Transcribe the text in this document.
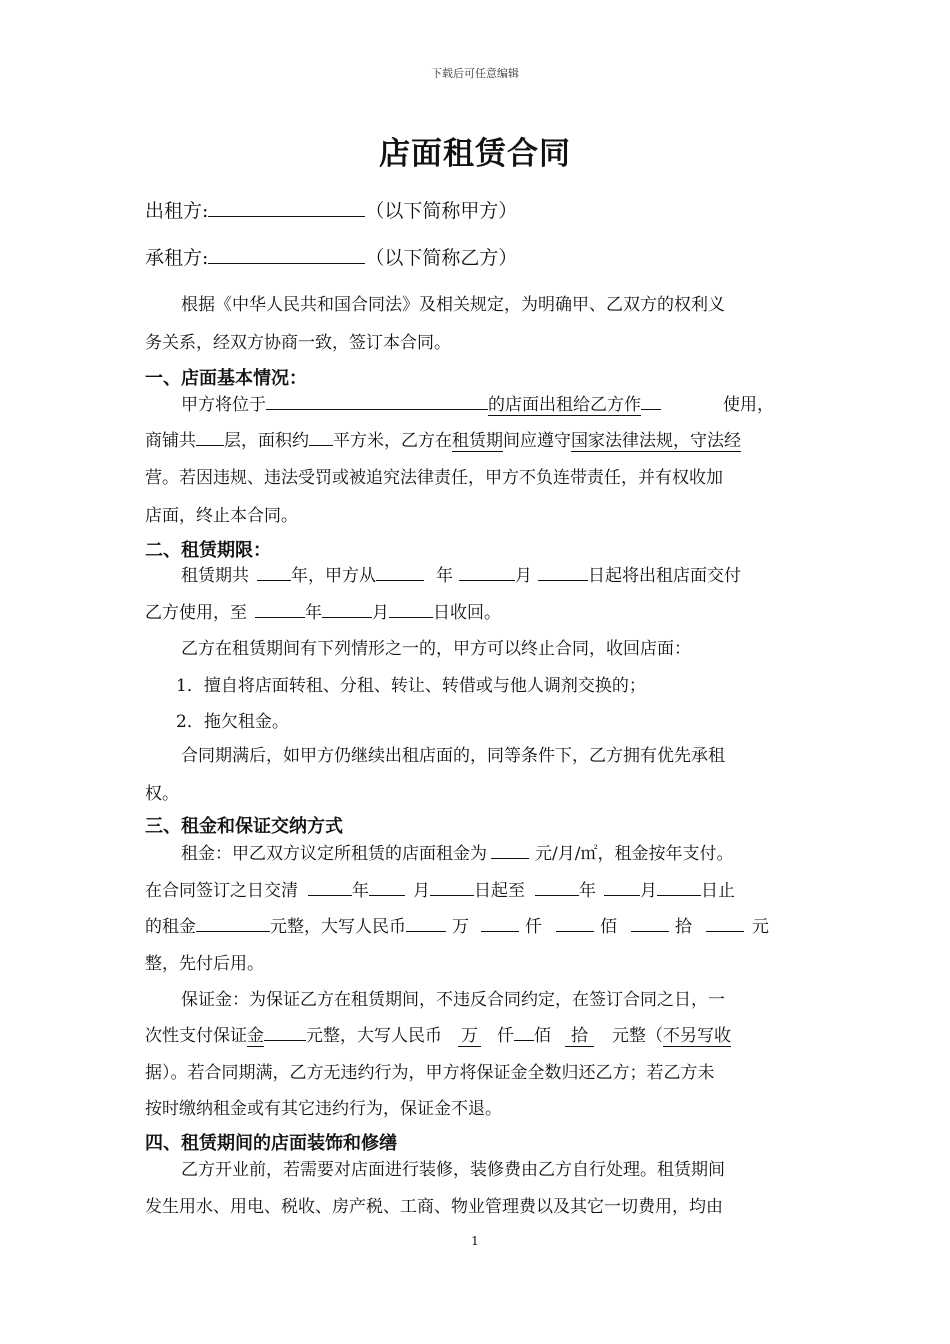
下载后可任意编辑
店面租赁合同
出租方:	（以下简称甲方）
承租方:	（以下简称乙方）
根据《中华人民共和国合同法》及相关规定，为明确甲、乙双方的权利义
务关系，经双方协商一致，签订本合同。
一、店面基本情况：
甲方将位于	的店面出租给乙方作	使用，
商铺共 层，面积约 平方米，乙方在租赁期间应遵守国家法律法规，守法经
营。若因违规、违法受罚或被追究法律责任，甲方不负连带责任，并有权收加
店面，终止本合同。
二、租赁期限：
租赁期共 年，甲方从	年	月	日起将出租店面交付
乙方使用，至	年	月	日收回。
乙方在租赁期间有下列情形之一的，甲方可以终止合同，收回店面：
1．擅自将店面转租、分租、转让、转借或与他人调剂交换的；
2．拖欠租金。
合同期满后，如甲方仍继续出租店面的，同等条件下，乙方拥有优先承租
权。
三、租金和保证交纳方式
租金：甲乙双方议定所租赁的店面租金为	元/月/㎡，租金按年支付。
在合同签订之日交清	年	月	日起至	年	月	日止
的租金	元整，大写人民币	万	仟	佰	拾	元
整，先付后用。
保证金：为保证乙方在租赁期间，不违反合同约定，在签订合同之日，一
次性支付保证金 元整，大写人民币 万 仟 佰 拾 元整（不另写收
据）。若合同期满，乙方无违约行为，甲方将保证金全数归还乙方；若乙方未
按时缴纳租金或有其它违约行为，保证金不退。
四、租赁期间的店面装饰和修缮
乙方开业前，若需要对店面进行装修，装修费由乙方自行处理。租赁期间
发生用水、用电、税收、房产税、工商、物业管理费以及其它一切费用，均由
1
